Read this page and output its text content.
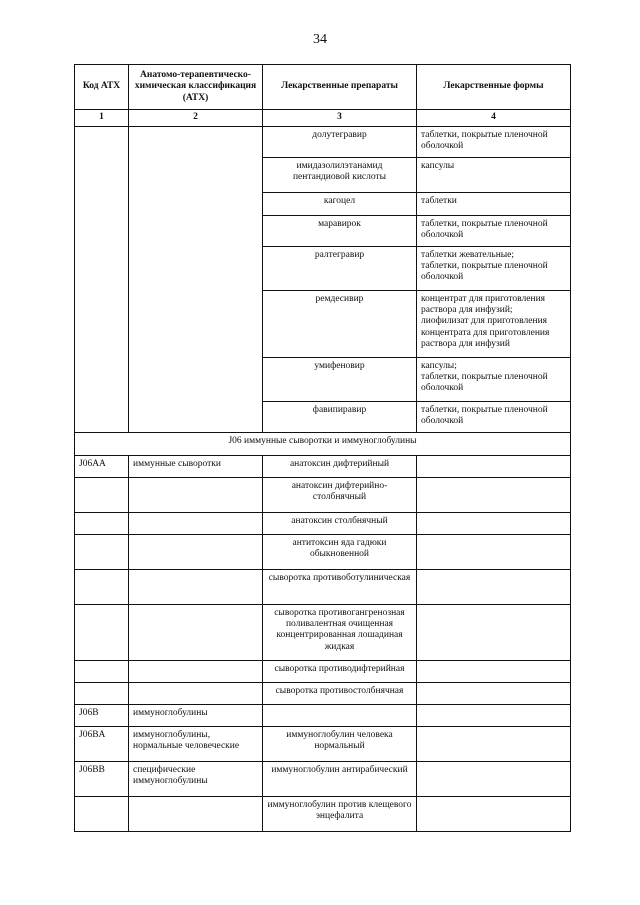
34
Код АТХ	Анатомо-терапевтическо-химическая классификация (АТХ)	Лекарственные препараты	Лекарственные формы
1	2	3	4
		долутегравир	таблетки, покрытые пленочной оболочкой
		имидазолилэтанамид пентандиовой кислоты	капсулы
		кагоцел	таблетки
		маравирок	таблетки, покрытые пленочной оболочкой
		ралтегравир	таблетки жевательные;
таблетки, покрытые пленочной оболочкой
		ремдесивир	концентрат для приготовления раствора для инфузий;
лиофилизат для приготовления концентрата для приготовления раствора для инфузий
		умифеновир	капсулы;
таблетки, покрытые пленочной оболочкой
		фавипиравир	таблетки, покрытые пленочной оболочкой
J06 иммунные сыворотки и иммуноглобулины			
J06AA	иммунные сыворотки	анатоксин дифтерийный	
		анатоксин дифтерийно-столбнячный	
		анатоксин столбнячный	
		антитоксин яда гадюки обыкновенной	
		сыворотка противоботулиническая	
		сыворотка противогангренозная поливалентная очищенная концентрированная лошадиная жидкая	
		сыворотка противодифтерийная	
		сыворотка противостолбнячная	
J06B	иммуноглобулины		
J06BA	иммуноглобулины, нормальные человеческие	иммуноглобулин человека нормальный	
J06BB	специфические иммуноглобулины	иммуноглобулин антирабический	
		иммуноглобулин против клещевого энцефалита	
